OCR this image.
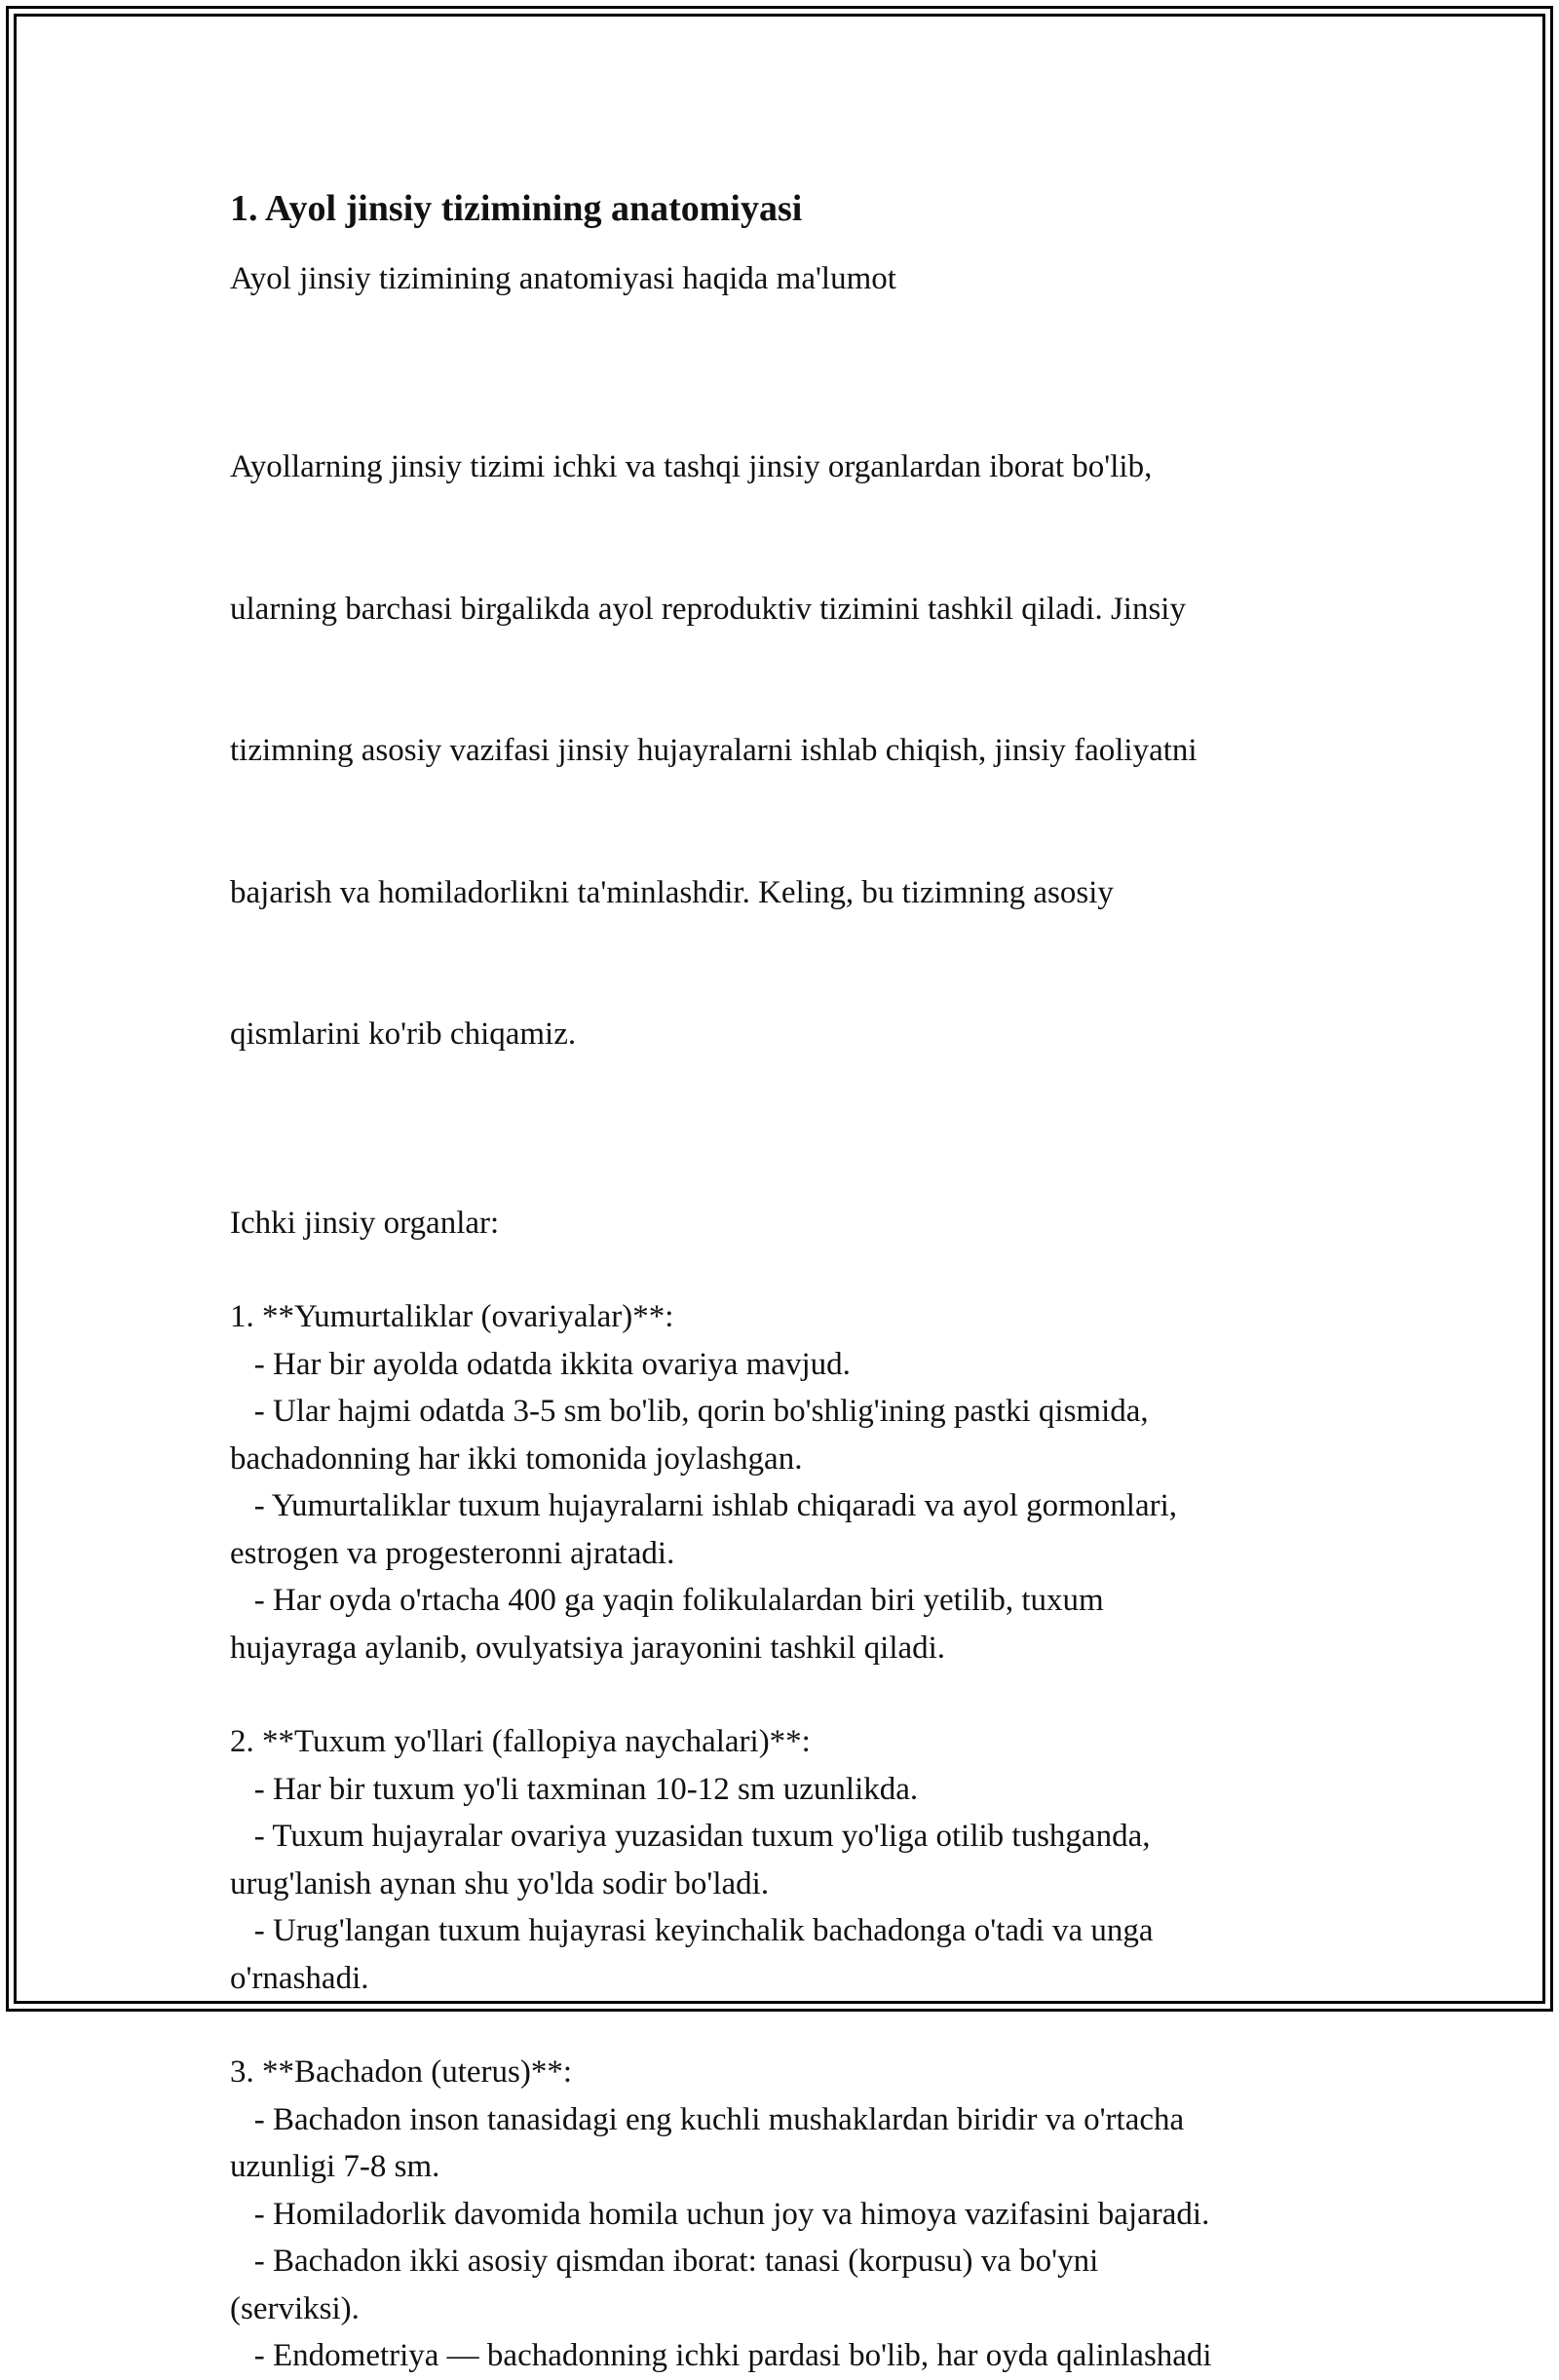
1. Ayol jinsiy tizimining anatomiyasi

Ayol jinsiy tizimining anatomiyasi haqida ma'lumot

Ayollarning jinsiy tizimi ichki va tashqi jinsiy organlardan iborat bo'lib,

ularning barchasi birgalikda ayol reproduktiv tizimini tashkil qiladi. Jinsiy

tizimning asosiy vazifasi jinsiy hujayralarni ishlab chiqish, jinsiy faoliyatni

bajarish va homiladorlikni ta'minlashdir. Keling, bu tizimning asosiy

qismlarini ko'rib chiqamiz.

Ichki jinsiy organlar:

1. **Yumurtaliklar (ovariyalar)**:
- Har bir ayolda odatda ikkita ovariya mavjud.
- Ular hajmi odatda 3-5 sm bo'lib, qorin bo'shlig'ining pastki qismida,
bachadonning har ikki tomonida joylashgan.
- Yumurtaliklar tuxum hujayralarni ishlab chiqaradi va ayol gormonlari,
estrogen va progesteronni ajratadi.
- Har oyda o'rtacha 400 ga yaqin folikulalardan biri yetilib, tuxum
hujayraga aylanib, ovulyatsiya jarayonini tashkil qiladi.
2. **Tuxum yo'llari (fallopiya naychalari)**:
- Har bir tuxum yo'li taxminan 10-12 sm uzunlikda.
- Tuxum hujayralar ovariya yuzasidan tuxum yo'liga otilib tushganda,
urug'lanish aynan shu yo'lda sodir bo'ladi.
- Urug'langan tuxum hujayrasi keyinchalik bachadonga o'tadi va unga
o'rnashadi.
3. **Bachadon (uterus)**:
- Bachadon inson tanasidagi eng kuchli mushaklardan biridir va o'rtacha
uzunligi 7-8 sm.
- Homiladorlik davomida homila uchun joy va himoya vazifasini bajaradi.
- Bachadon ikki asosiy qismdan iborat: tanasi (korpusu) va bo'yni
(serviksi).
- Endometriya — bachadonning ichki pardasi bo'lib, har oyda qalinlashadi
